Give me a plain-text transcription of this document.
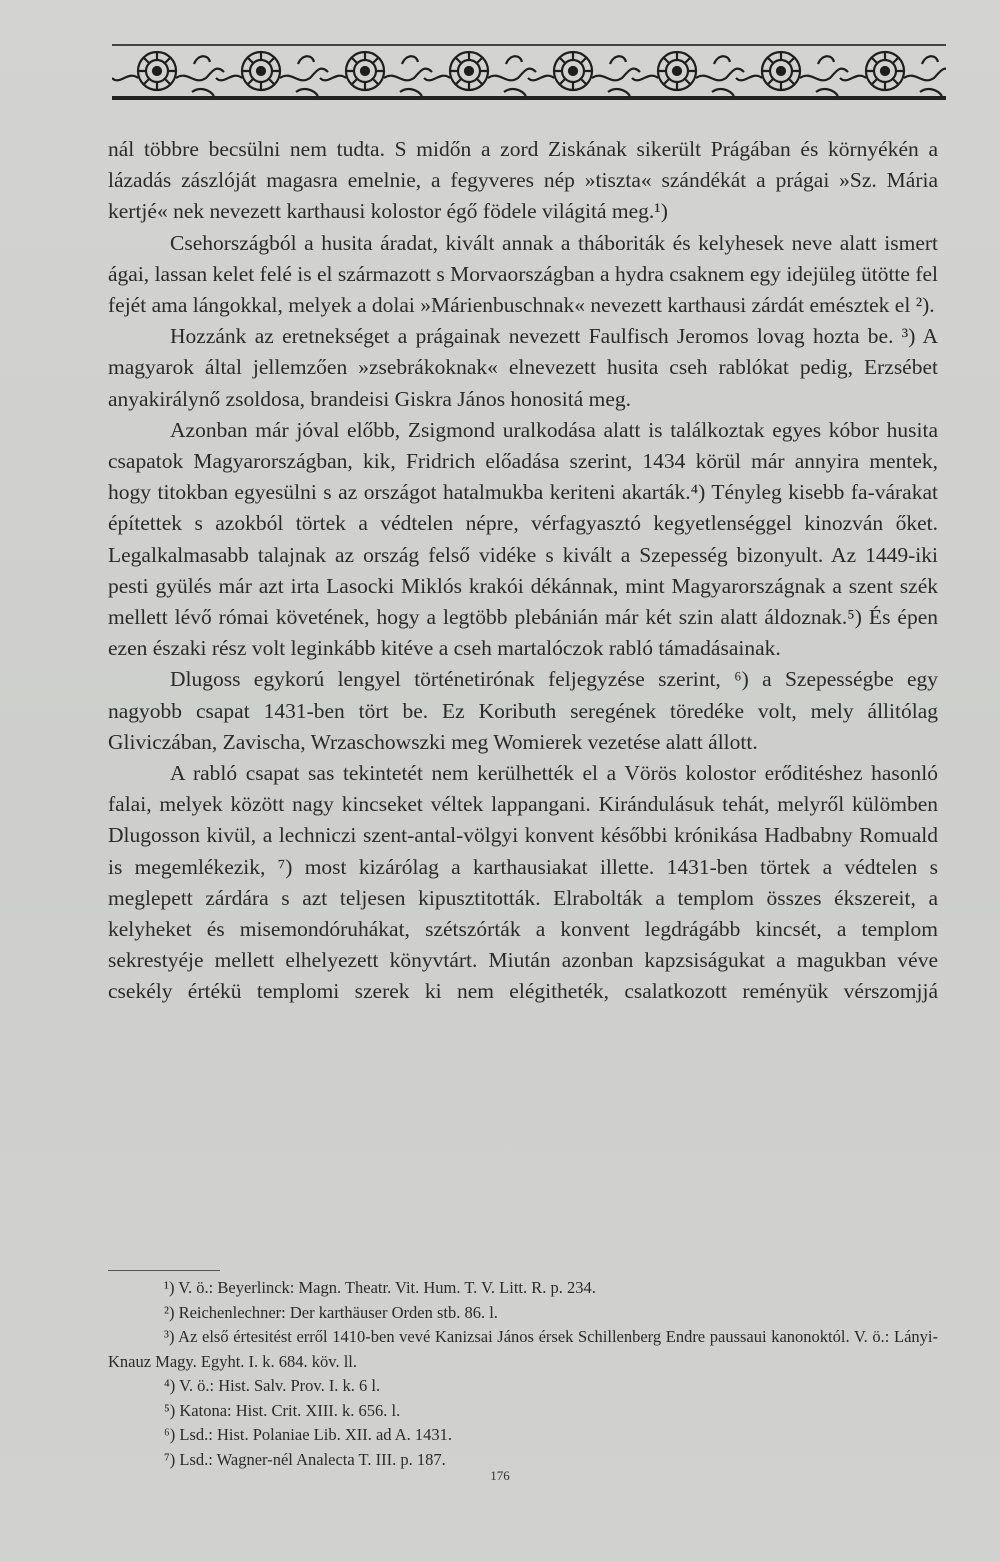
nál többre becsülni nem tudta. S midőn a zord Ziskának sikerült Prágában és környékén a lázadás zászlóját magasra emelnie, a fegyveres nép »tiszta« szándékát a prágai »Sz. Mária kertjé« nek nevezett karthausi kolostor égő födele világitá meg.¹)

Csehországból a husita áradat, kivált annak a tháboriták és kelyhesek neve alatt ismert ágai, lassan kelet felé is el származott s Morvaországban a hydra csaknem egy idejüleg ütötte fel fejét ama lángokkal, melyek a dolai »Márienbuschnak« nevezett karthausi zárdát emésztek el ²).

Hozzánk az eretnekséget a prágainak nevezett Faulfisch Jeromos lovag hozta be. ³) A magyarok által jellemzően »zsebrákoknak« elnevezett husita cseh rablókat pedig, Erzsébet anyakirálynő zsoldosa, brandeisi Giskra János honositá meg.

Azonban már jóval előbb, Zsigmond uralkodása alatt is találkoztak egyes kóbor husita csapatok Magyarországban, kik, Fridrich előadása szerint, 1434 körül már annyira mentek, hogy titokban egyesülni s az országot hatalmukba keriteni akarták.⁴) Tényleg kisebb fa-várakat építettek s azokból törtek a védtelen népre, vérfagyasztó kegyetlenséggel kinozván őket. Legalkalmasabb talajnak az ország felső vidéke s kivált a Szepesség bizonyult. Az 1449-iki pesti gyülés már azt irta Lasocki Miklós krakói dékánnak, mint Magyarországnak a szent szék mellett lévő római követének, hogy a legtöbb plebánián már két szin alatt áldoznak.⁵) És épen ezen északi rész volt leginkább kitéve a cseh martalóczok rabló támadásainak.

Dlugoss egykorú lengyel történetirónak feljegyzése szerint, ⁶) a Szepességbe egy nagyobb csapat 1431-ben tört be. Ez Koributh seregének töredéke volt, mely állitólag Gliviczában, Zavischa, Wrzaschowszki meg Womierek vezetése alatt állott.

A rabló csapat sas tekintetét nem kerülhették el a Vörös kolostor erőditéshez hasonló falai, melyek között nagy kincseket véltek lappangani. Kirándulásuk tehát, melyről külömben Dlugosson kivül, a lechniczi szent-antal-völgyi konvent későbbi krónikása Hadbabny Romuald is megemlékezik, ⁷) most kizárólag a karthausiakat illette. 1431-ben törtek a védtelen s meglepett zárdára s azt teljesen kipusztitották. Elrabolták a templom összes ékszereit, a kelyheket és misemondóruhákat, szétszórták a konvent legdrágább kincsét, a templom sekrestyéje mellett elhelyezett könyvtárt. Miután azonban kapzsiságukat a magukban véve csekély értékü templomi szerek ki nem elégitheték, csalatkozott reményük vérszomjjá

¹) V. ö.: Beyerlinck: Magn. Theatr. Vit. Hum. T. V. Litt. R. p. 234.

²) Reichenlechner: Der karthäuser Orden stb. 86. l.

³) Az első értesitést erről 1410-ben vevé Kanizsai János érsek Schillenberg Endre paussaui kanonoktól. V. ö.: Lányi-Knauz Magy. Egyht. I. k. 684. köv. ll.

⁴) V. ö.: Hist. Salv. Prov. I. k. 6 l.

⁵) Katona: Hist. Crit. XIII. k. 656. l.

⁶) Lsd.: Hist. Polaniae Lib. XII. ad A. 1431.

⁷) Lsd.: Wagner-nél Analecta T. III. p. 187.

176
